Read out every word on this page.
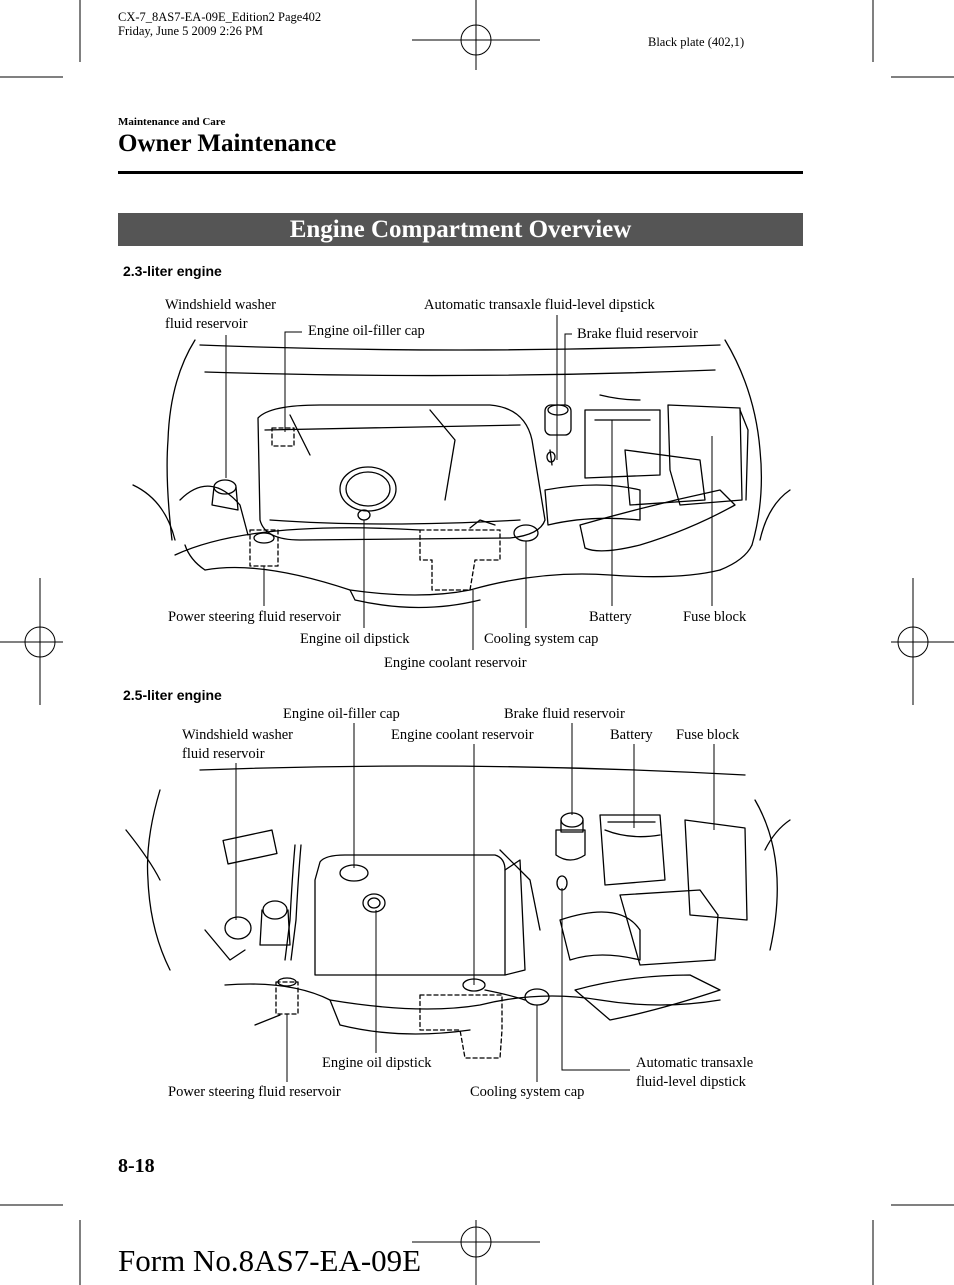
CX-7_8AS7-EA-09E_Edition2 Page402
Friday, June 5 2009 2:26 PM
Black plate (402,1)
Maintenance and Care
Owner Maintenance
Engine Compartment Overview
2.3-liter engine
Windshield washer
fluid reservoir	Engine oil-filler cap
Automatic transaxle fluid-level dipstick
Brake fluid reservoir
Power steering fluid reservoir
Engine oil dipstick
Battery	Fuse block
Cooling system cap
Engine coolant reservoir
2.5-liter engine
Engine oil-filler cap	Brake fluid reservoir
Windshield washer
fluid reservoir
Engine coolant reservoir	Battery Fuse block
Engine oil dipstick	Automatic transaxle
fluid-level dipstick
Power steering fluid reservoir	Cooling system cap
8-18
Form No.8AS7-EA-09E
